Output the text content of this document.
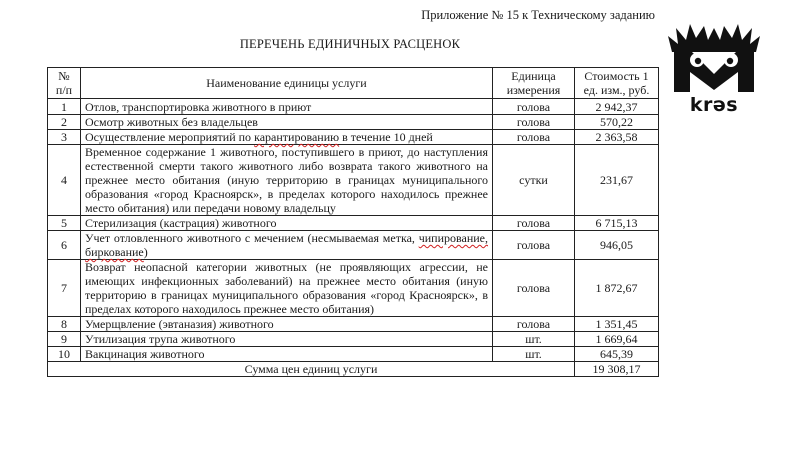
Приложение № 15 к Техническому заданию
ПЕРЕЧЕНЬ ЕДИНИЧНЫХ РАСЦЕНОК
krəs
№ п/п	Наименование единицы услуги	Единица измерения	Стоимость 1 ед. изм., руб.
1	Отлов, транспортировка животного в приют	голова	2 942,37
2	Осмотр животных без владельцев	голова	570,22
3	Осуществление мероприятий по карантированию в течение 10 дней	голова	2 363,58
4	Временное содержание 1 животного, поступившего в приют, до наступления естественной смерти такого животного либо возврата такого животного на прежнее место обитания (иную территорию в границах муниципального образования «город Красноярск», в пределах которого находилось прежнее место обитания) или передачи новому владельцу	сутки	231,67
5	Стерилизация (кастрация) животного	голова	6 715,13
6	Учет отловленного животного с мечением (несмываемая метка, чипирование, биркование)	голова	946,05
7	Возврат неопасной категории животных (не проявляющих агрессии, не имеющих инфекционных заболеваний) на прежнее место обитания (иную территорию в границах муниципального образования «город Красноярск», в пределах которого находилось прежнее место обитания)	голова	1 872,67
8	Умерщвление (эвтаназия) животного	голова	1 351,45
9	Утилизация трупа животного	шт.	1 669,64
10	Вакцинация животного	шт.	645,39
Сумма цен единиц услуги			19 308,17
